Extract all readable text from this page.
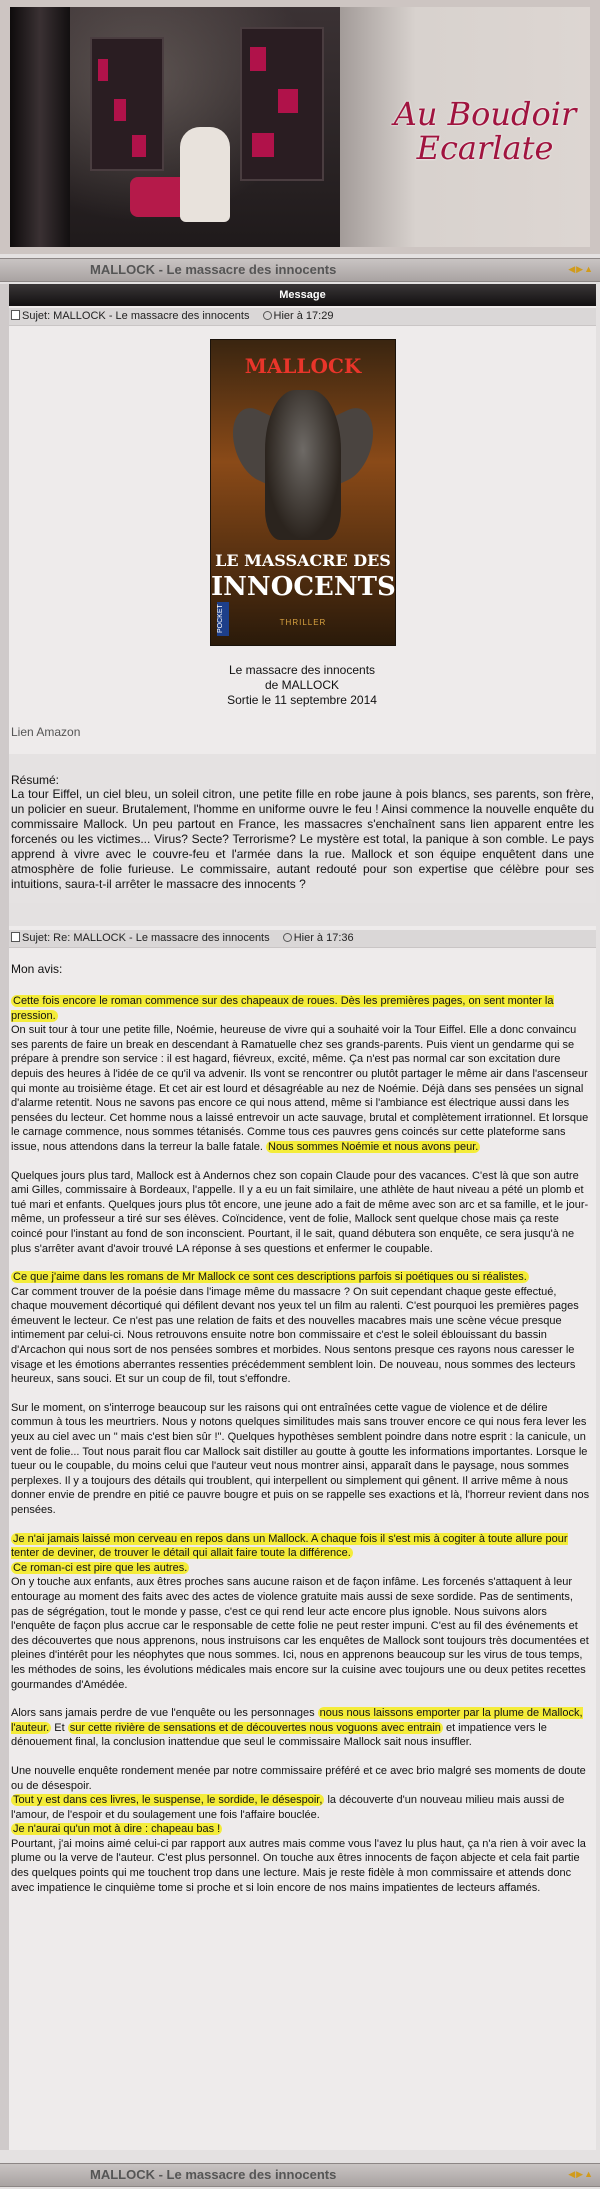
Au Boudoir
Ecarlate
MALLOCK - Le massacre des innocents	◀▶▲
Message
Sujet: MALLOCK - Le massacre des innocents Hier à 17:29
MALLOCK
LE MASSACRE DES
INNOCENTS
THRILLER
POCKET
Le massacre des innocents
de MALLOCK
Sortie le 11 septembre 2014
Lien Amazon
Résumé:
La tour Eiffel, un ciel bleu, un soleil citron, une petite fille en robe jaune à pois blancs, ses parents, son frère, un policier en sueur. Brutalement, l'homme en uniforme ouvre le feu ! Ainsi commence la nouvelle enquête du commissaire Mallock. Un peu partout en France, les massacres s'enchaînent sans lien apparent entre les forcenés ou les victimes... Virus? Secte? Terrorisme? Le mystère est total, la panique à son comble. Le pays apprend à vivre avec le couvre-feu et l'armée dans la rue. Mallock et son équipe enquêtent dans une atmosphère de folie furieuse. Le commissaire, autant redouté pour son expertise que célèbre pour ses intuitions, saura-t-il arrêter le massacre des innocents ?
Sujet: Re: MALLOCK - Le massacre des innocents Hier à 17:36
Mon avis:

Cette fois encore le roman commence sur des chapeaux de roues. Dès les premières pages, on sent monter la pression.
On suit tour à tour une petite fille, Noémie, heureuse de vivre qui a souhaité voir la Tour Eiffel. Elle a donc convaincu ses parents de faire un break en descendant à Ramatuelle chez ses grands-parents. Puis vient un gendarme qui se prépare à prendre son service : il est hagard, fiévreux, excité, même. Ça n'est pas normal car son excitation dure depuis des heures à l'idée de ce qu'il va advenir. Ils vont se rencontrer ou plutôt partager le même air dans l'ascenseur qui monte au troisième étage. Et cet air est lourd et désagréable au nez de Noémie. Déjà dans ses pensées un signal d'alarme retentit. Nous ne savons pas encore ce qui nous attend, même si l'ambiance est électrique aussi dans les pensées du lecteur. Cet homme nous a laissé entrevoir un acte sauvage, brutal et complètement irrationnel. Et lorsque le carnage commence, nous sommes tétanisés. Comme tous ces pauvres gens coincés sur cette plateforme sans issue, nous attendons dans la terreur la balle fatale. Nous sommes Noémie et nous avons peur.

Quelques jours plus tard, Mallock est à Andernos chez son copain Claude pour des vacances. C'est là que son autre ami Gilles, commissaire à Bordeaux, l'appelle. Il y a eu un fait similaire, une athlète de haut niveau a pété un plomb et tué mari et enfants. Quelques jours plus tôt encore, une jeune ado a fait de même avec son arc et sa famille, et le jour-même, un professeur a tiré sur ses élèves. Coïncidence, vent de folie, Mallock sent quelque chose mais ça reste coincé pour l'instant au fond de son inconscient. Pourtant, il le sait, quand débutera son enquête, ce sera jusqu'à ne plus s'arrêter avant d'avoir trouvé LA réponse à ses questions et enfermer le coupable.

Ce que j'aime dans les romans de Mr Mallock ce sont ces descriptions parfois si poétiques ou si réalistes.
Car comment trouver de la poésie dans l'image même du massacre ? On suit cependant chaque geste effectué, chaque mouvement décortiqué qui défilent devant nos yeux tel un film au ralenti. C'est pourquoi les premières pages émeuvent le lecteur. Ce n'est pas une relation de faits et des nouvelles macabres mais une scène vécue presque intimement par celui-ci. Nous retrouvons ensuite notre bon commissaire et c'est le soleil éblouissant du bassin d'Arcachon qui nous sort de nos pensées sombres et morbides. Nous sentons presque ces rayons nous caresser le visage et les émotions aberrantes ressenties précédemment semblent loin. De nouveau, nous sommes des lecteurs heureux, sans souci. Et sur un coup de fil, tout s'effondre.

Sur le moment, on s'interroge beaucoup sur les raisons qui ont entraînées cette vague de violence et de délire commun à tous les meurtriers. Nous y notons quelques similitudes mais sans trouver encore ce qui nous fera lever les yeux au ciel avec un " mais c'est bien sûr !". Quelques hypothèses semblent poindre dans notre esprit : la canicule, un vent de folie... Tout nous parait flou car Mallock sait distiller au goutte à goutte les informations importantes. Lorsque le tueur ou le coupable, du moins celui que l'auteur veut nous montrer ainsi, apparaît dans le paysage, nous sommes perplexes. Il y a toujours des détails qui troublent, qui interpellent ou simplement qui gênent. Il arrive même à nous donner envie de prendre en pitié ce pauvre bougre et puis on se rappelle ses exactions et là, l'horreur revient dans nos pensées.

Je n'ai jamais laissé mon cerveau en repos dans un Mallock. A chaque fois il s'est mis à cogiter à toute allure pour tenter de deviner, de trouver le détail qui allait faire toute la différence.
Ce roman-ci est pire que les autres.
On y touche aux enfants, aux êtres proches sans aucune raison et de façon infâme. Les forcenés s'attaquent à leur entourage au moment des faits avec des actes de violence gratuite mais aussi de sexe sordide. Pas de sentiments, pas de ségrégation, tout le monde y passe, c'est ce qui rend leur acte encore plus ignoble. Nous suivons alors l'enquête de façon plus accrue car le responsable de cette folie ne peut rester impuni. C'est au fil des événements et des découvertes que nous apprenons, nous instruisons car les enquêtes de Mallock sont toujours très documentées et pleines d'intérêt pour les néophytes que nous sommes. Ici, nous en apprenons beaucoup sur les virus de tous temps, les méthodes de soins, les évolutions médicales mais encore sur la cuisine avec toujours une ou deux petites recettes gourmandes d'Amédée.

Alors sans jamais perdre de vue l'enquête ou les personnages nous nous laissons emporter par la plume de Mallock, l'auteur. Et sur cette rivière de sensations et de découvertes nous voguons avec entrain et impatience vers le dénouement final, la conclusion inattendue que seul le commissaire Mallock sait nous insuffler.

Une nouvelle enquête rondement menée par notre commissaire préféré et ce avec brio malgré ses moments de doute ou de désespoir.
Tout y est dans ces livres, le suspense, le sordide, le désespoir, la découverte d'un nouveau milieu mais aussi de l'amour, de l'espoir et du soulagement une fois l'affaire bouclée.
Je n'aurai qu'un mot à dire : chapeau bas !
Pourtant, j'ai moins aimé celui-ci par rapport aux autres mais comme vous l'avez lu plus haut, ça n'a rien à voir avec la plume ou la verve de l'auteur. C'est plus personnel. On touche aux êtres innocents de façon abjecte et cela fait partie des quelques points qui me touchent trop dans une lecture. Mais je reste fidèle à mon commissaire et attends donc avec impatience le cinquième tome si proche et si loin encore de nos mains impatientes de lecteurs affamés.

MALLOCK - Le massacre des innocents	◀▶▲
